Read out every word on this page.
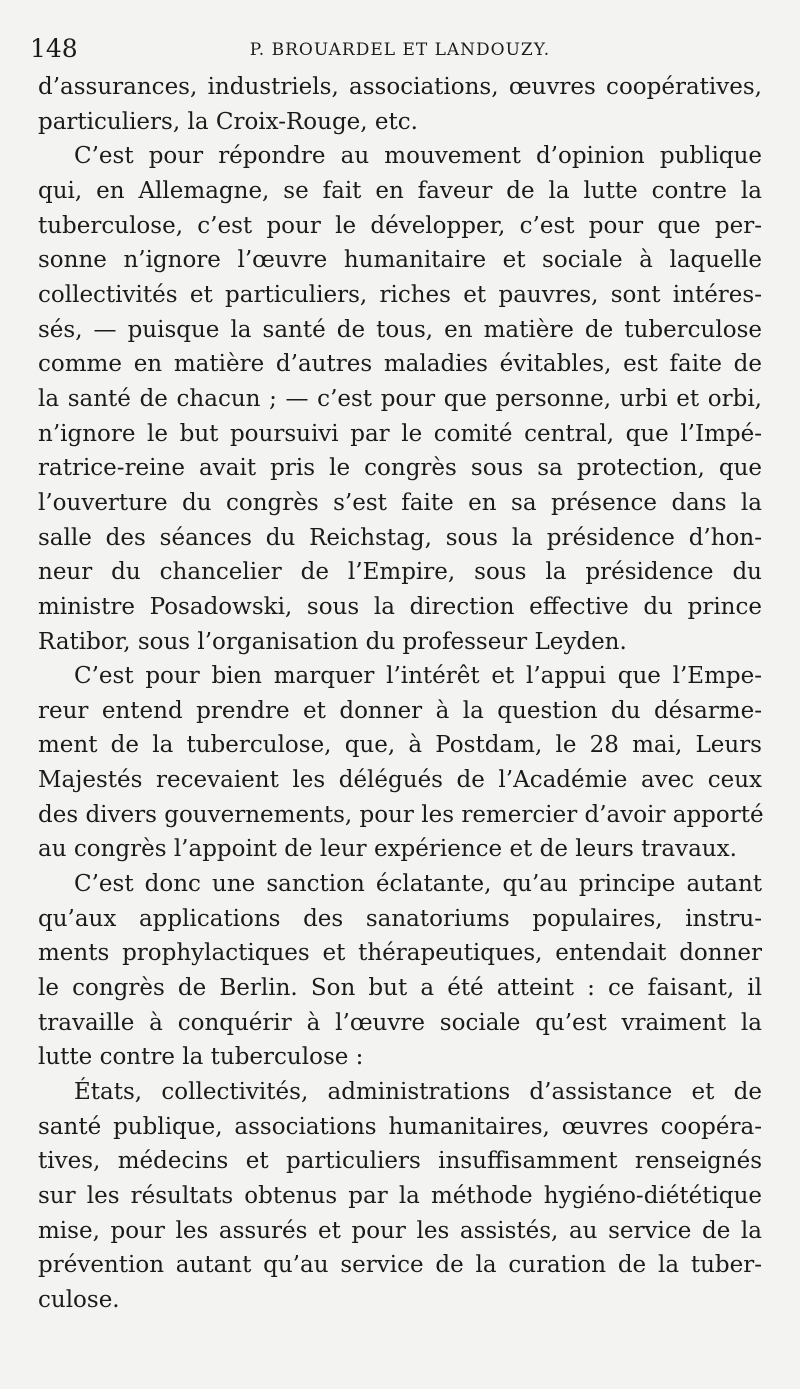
148	P. BROUARDEL ET LANDOUZY.
d’assurances, industriels, associations, œuvres coopératives,
particuliers, la Croix-Rouge, etc.
C’est pour répondre au mouvement d’opinion publique
qui, en Allemagne, se fait en faveur de la lutte contre la
tuberculose, c’est pour le développer, c’est pour que per-
sonne n’ignore l’œuvre humanitaire et sociale à laquelle
collectivités et particuliers, riches et pauvres, sont intéres-
sés, — puisque la santé de tous, en matière de tuberculose
comme en matière d’autres maladies évitables, est faite de
la santé de chacun ; — c’est pour que personne, urbi et orbi,
n’ignore le but poursuivi par le comité central, que l’Impé-
ratrice-reine avait pris le congrès sous sa protection, que
l’ouverture du congrès s’est faite en sa présence dans la
salle des séances du Reichstag, sous la présidence d’hon-
neur du chancelier de l’Empire, sous la présidence du
ministre Posadowski, sous la direction effective du prince
Ratibor, sous l’organisation du professeur Leyden.
C’est pour bien marquer l’intérêt et l’appui que l’Empe-
reur entend prendre et donner à la question du désarme-
ment de la tuberculose, que, à Postdam, le 28 mai, Leurs
Majestés recevaient les délégués de l’Académie avec ceux
des divers gouvernements, pour les remercier d’avoir apporté
au congrès l’appoint de leur expérience et de leurs travaux.
C’est donc une sanction éclatante, qu’au principe autant
qu’aux applications des sanatoriums populaires, instru-
ments prophylactiques et thérapeutiques, entendait donner
le congrès de Berlin. Son but a été atteint : ce faisant, il
travaille à conquérir à l’œuvre sociale qu’est vraiment la
lutte contre la tuberculose :
États, collectivités, administrations d’assistance et de
santé publique, associations humanitaires, œuvres coopéra-
tives, médecins et particuliers insuffisamment renseignés
sur les résultats obtenus par la méthode hygiéno-diététique
mise, pour les assurés et pour les assistés, au service de la
prévention autant qu’au service de la curation de la tuber-
culose.
